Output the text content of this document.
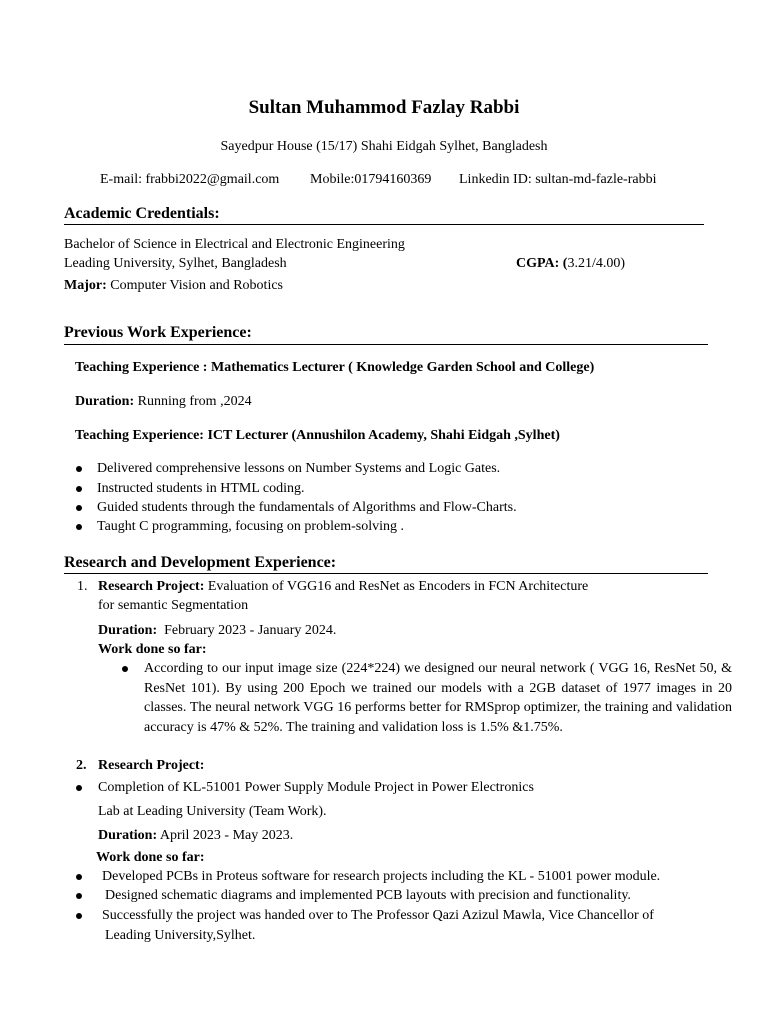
Sultan Muhammod Fazlay Rabbi
Sayedpur House (15/17) Shahi Eidgah Sylhet, Bangladesh
E-mail: frabbi2022@gmail.com Mobile:01794160369 Linkedin ID: sultan-md-fazle-rabbi
Academic Credentials:
Bachelor of Science in Electrical and Electronic Engineering
Leading University, Sylhet, Bangladesh	CGPA: (3.21/4.00)
Major: Computer Vision and Robotics
Previous Work Experience:
Teaching Experience : Mathematics Lecturer ( Knowledge Garden School and College)
Duration: Running from ,2024
Teaching Experience: ICT Lecturer (Annushilon Academy, Shahi Eidgah ,Sylhet)
Delivered comprehensive lessons on Number Systems and Logic Gates.
Instructed students in HTML coding.
Guided students through the fundamentals of Algorithms and Flow-Charts.
Taught C programming, focusing on problem-solving .
Research and Development Experience:
1. Research Project: Evaluation of VGG16 and ResNet as Encoders in FCN Architecture
for semantic Segmentation
Duration: February 2023 - January 2024.
Work done so far:
According to our input image size (224*224) we designed our neural network ( VGG 16, ResNet 50, & ResNet 101). By using 200 Epoch we trained our models with a 2GB dataset of 1977 images in 20 classes. The neural network VGG 16 performs better for RMSprop optimizer, the training and validation accuracy is 47% & 52%. The training and validation loss is 1.5% &1.75%.
2. Research Project:
Completion of KL-51001 Power Supply Module Project in Power Electronics
Lab at Leading University (Team Work).
Duration: April 2023 - May 2023.
Work done so far:
Developed PCBs in Proteus software for research projects including the KL - 51001 power module.
Designed schematic diagrams and implemented PCB layouts with precision and functionality.
Successfully the project was handed over to The Professor Qazi Azizul Mawla, Vice Chancellor of
Leading University,Sylhet.
